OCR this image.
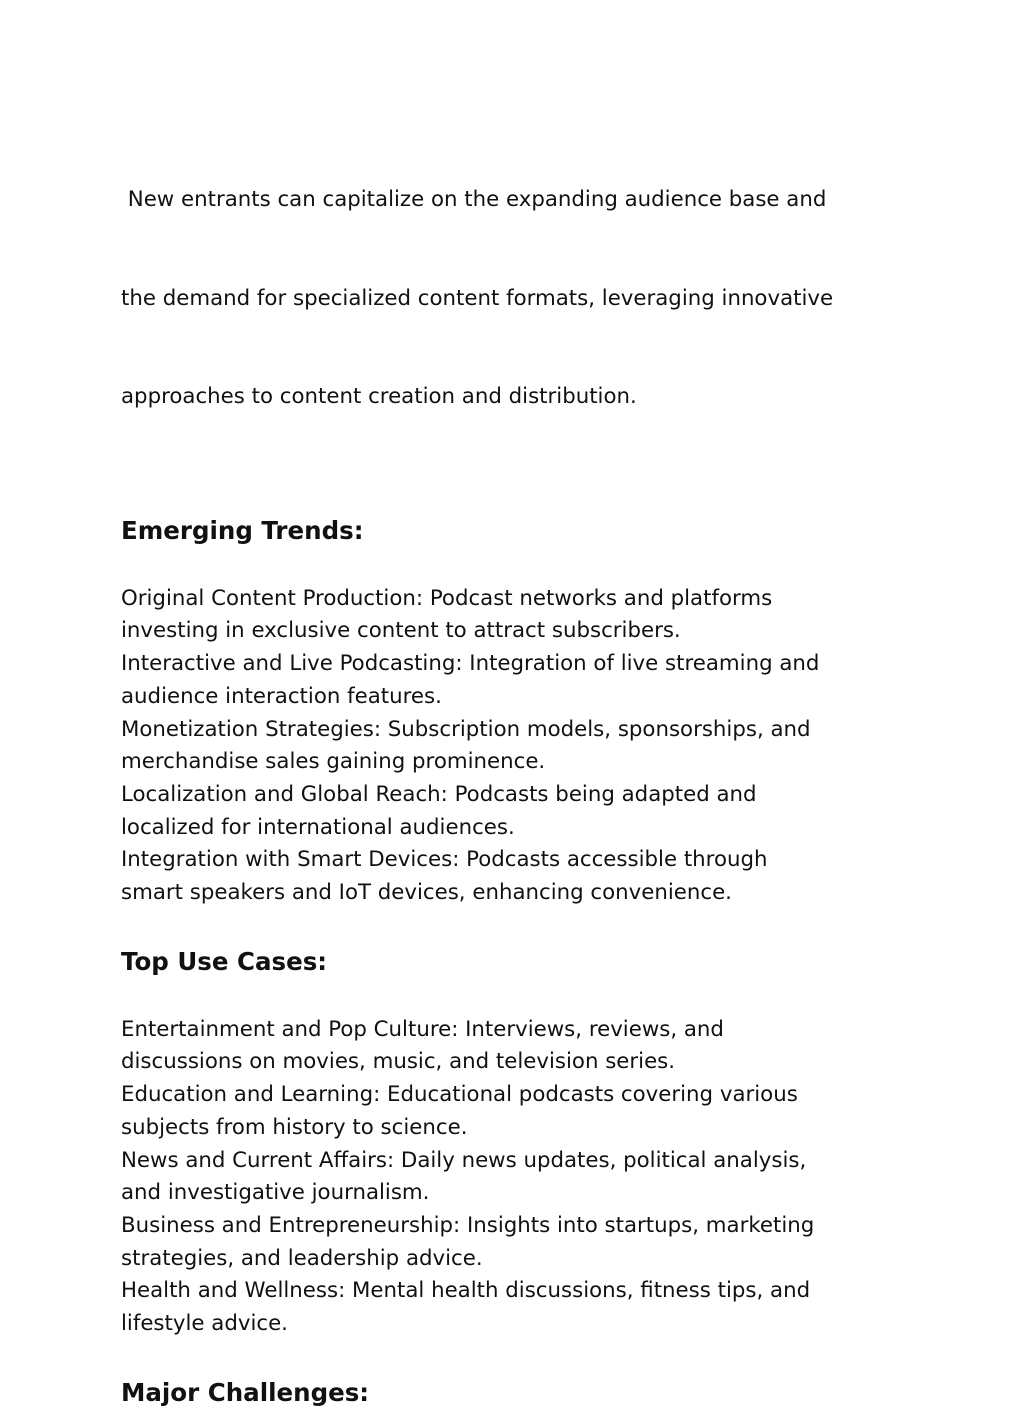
New entrants can capitalize on the expanding audience base and

the demand for specialized content formats, leveraging innovative

approaches to content creation and distribution.

Emerging Trends:

Original Content Production: Podcast networks and platforms
investing in exclusive content to attract subscribers.
Interactive and Live Podcasting: Integration of live streaming and
audience interaction features.
Monetization Strategies: Subscription models, sponsorships, and
merchandise sales gaining prominence.
Localization and Global Reach: Podcasts being adapted and
localized for international audiences.
Integration with Smart Devices: Podcasts accessible through
smart speakers and IoT devices, enhancing convenience.

Top Use Cases:

Entertainment and Pop Culture: Interviews, reviews, and
discussions on movies, music, and television series.
Education and Learning: Educational podcasts covering various
subjects from history to science.
News and Current Affairs: Daily news updates, political analysis,
and investigative journalism.
Business and Entrepreneurship: Insights into startups, marketing
strategies, and leadership advice.
Health and Wellness: Mental health discussions, fitness tips, and
lifestyle advice.

Major Challenges:
